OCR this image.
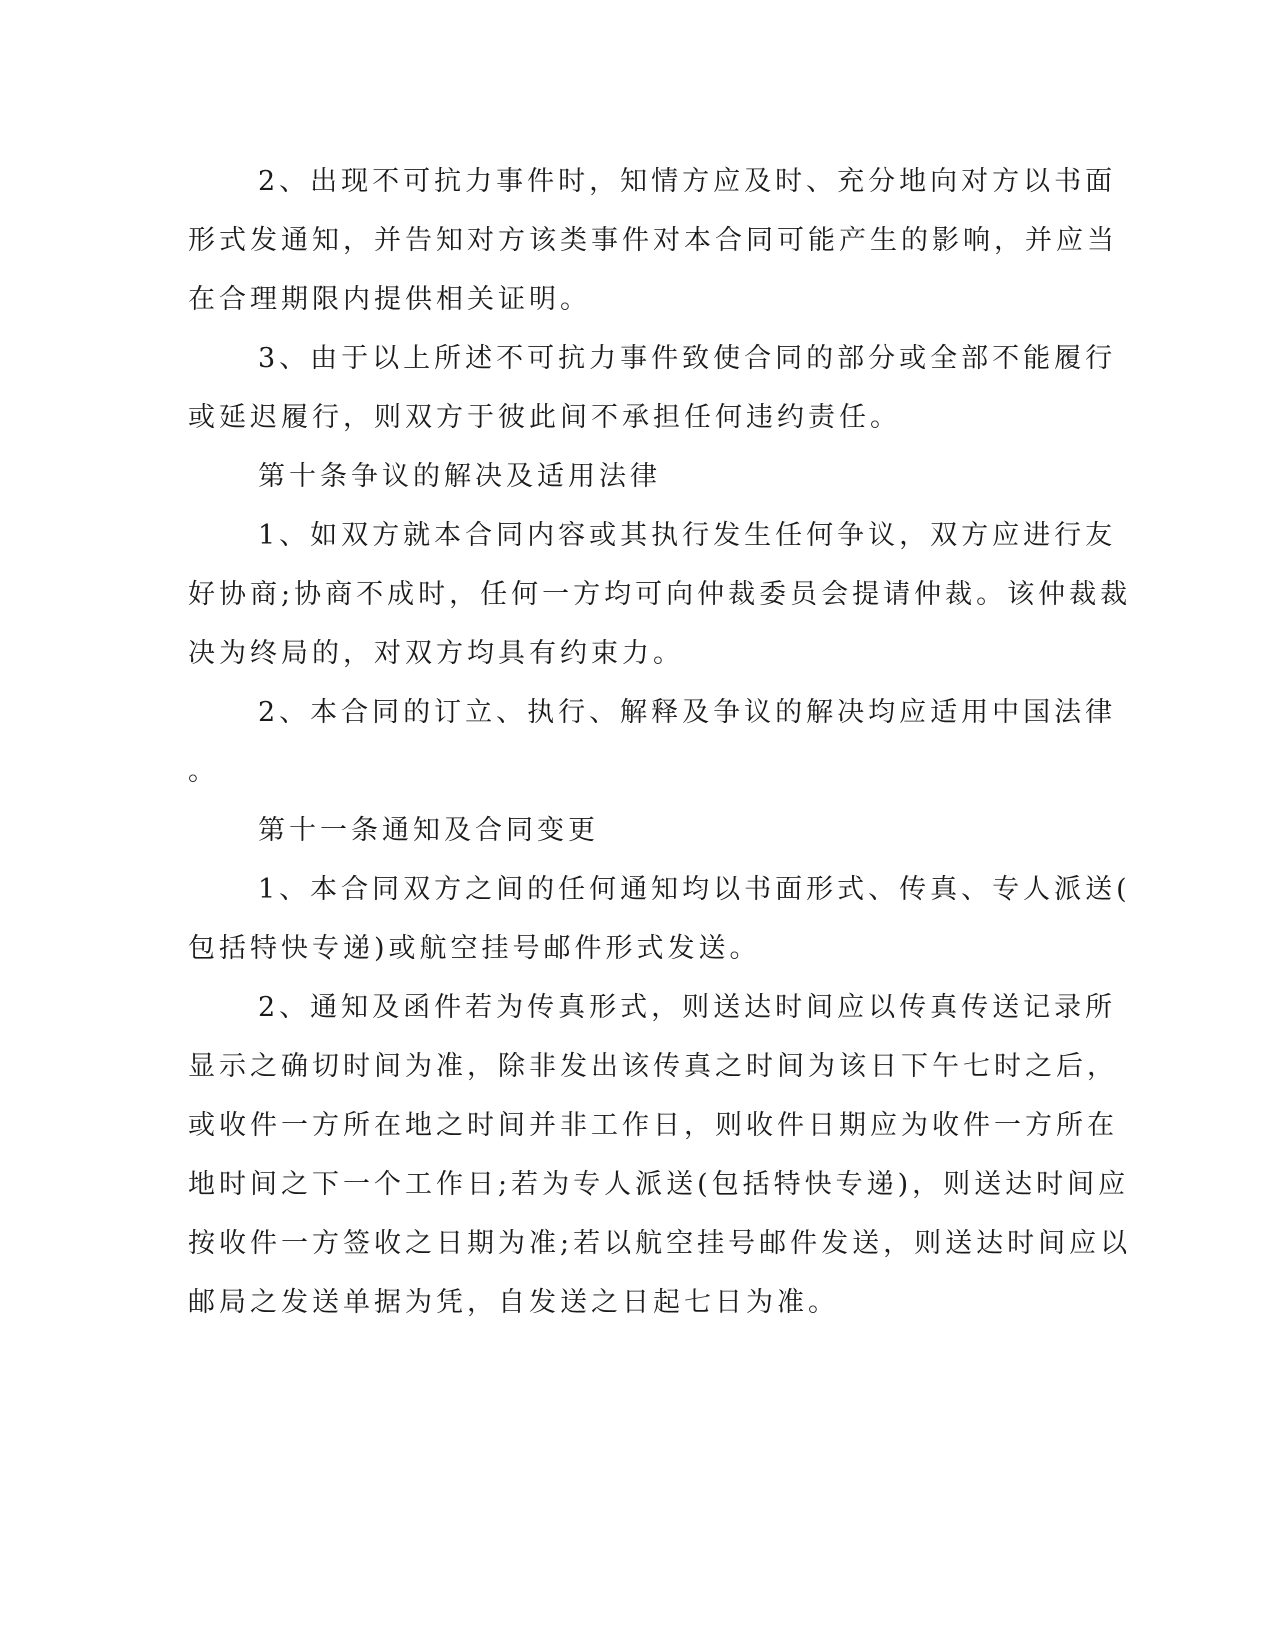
2、出现不可抗力事件时，知情方应及时、充分地向对方以书面
形式发通知，并告知对方该类事件对本合同可能产生的影响，并应当
在合理期限内提供相关证明。
3、由于以上所述不可抗力事件致使合同的部分或全部不能履行
或延迟履行，则双方于彼此间不承担任何违约责任。
第十条争议的解决及适用法律
1、如双方就本合同内容或其执行发生任何争议，双方应进行友
好协商;协商不成时，任何一方均可向仲裁委员会提请仲裁。该仲裁裁
决为终局的，对双方均具有约束力。
2、本合同的订立、执行、解释及争议的解决均应适用中国法律
。
第十一条通知及合同变更
1、本合同双方之间的任何通知均以书面形式、传真、专人派送(
包括特快专递)或航空挂号邮件形式发送。
2、通知及函件若为传真形式，则送达时间应以传真传送记录所
显示之确切时间为准，除非发出该传真之时间为该日下午七时之后，
或收件一方所在地之时间并非工作日，则收件日期应为收件一方所在
地时间之下一个工作日;若为专人派送(包括特快专递)，则送达时间应
按收件一方签收之日期为准;若以航空挂号邮件发送，则送达时间应以
邮局之发送单据为凭，自发送之日起七日为准。
